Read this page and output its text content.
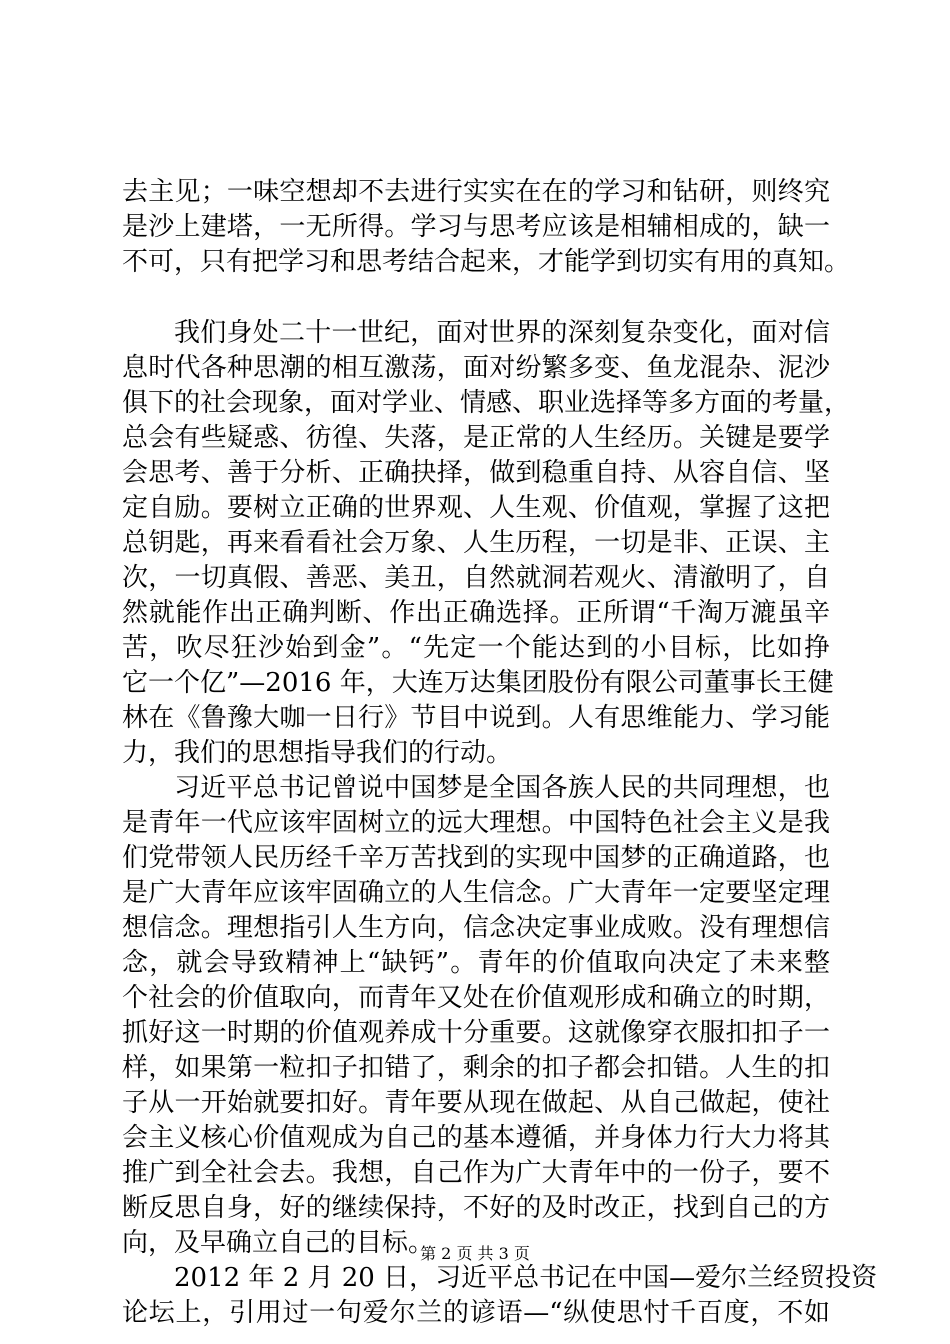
去主见；一味空想却不去进行实实在在的学习和钻研，则终究
是沙上建塔，一无所得。学习与思考应该是相辅相成的，缺一
不可，只有把学习和思考结合起来，才能学到切实有用的真知。
我们身处二十一世纪，面对世界的深刻复杂变化，面对信
息时代各种思潮的相互激荡，面对纷繁多变、鱼龙混杂、泥沙
俱下的社会现象，面对学业、情感、职业选择等多方面的考量，
总会有些疑惑、彷徨、失落，是正常的人生经历。关键是要学
会思考、善于分析、正确抉择，做到稳重自持、从容自信、坚
定自励。要树立正确的世界观、人生观、价值观，掌握了这把
总钥匙，再来看看社会万象、人生历程，一切是非、正误、主
次，一切真假、善恶、美丑，自然就洞若观火、清澈明了，自
然就能作出正确判断、作出正确选择。正所谓“千淘万漉虽辛
苦，吹尽狂沙始到金”。“先定一个能达到的小目标，比如挣
它一个亿”—2016 年，大连万达集团股份有限公司董事长王健
林在《鲁豫大咖一日行》节目中说到。人有思维能力、学习能
力，我们的思想指导我们的行动。
习近平总书记曾说中国梦是全国各族人民的共同理想，也
是青年一代应该牢固树立的远大理想。中国特色社会主义是我
们党带领人民历经千辛万苦找到的实现中国梦的正确道路，也
是广大青年应该牢固确立的人生信念。广大青年一定要坚定理
想信念。理想指引人生方向，信念决定事业成败。没有理想信
念，就会导致精神上“缺钙”。青年的价值取向决定了未来整
个社会的价值取向，而青年又处在价值观形成和确立的时期，
抓好这一时期的价值观养成十分重要。这就像穿衣服扣扣子一
样，如果第一粒扣子扣错了，剩余的扣子都会扣错。人生的扣
子从一开始就要扣好。青年要从现在做起、从自己做起，使社
会主义核心价值观成为自己的基本遵循，并身体力行大力将其
推广到全社会去。我想，自己作为广大青年中的一份子，要不
断反思自身，好的继续保持，不好的及时改正，找到自己的方
向，及早确立自己的目标。
2012 年 2 月 20 日，习近平总书记在中国—爱尔兰经贸投资
论坛上，引用过一句爱尔兰的谚语—“纵使思忖千百度，不如
第 2 页 共 3 页
